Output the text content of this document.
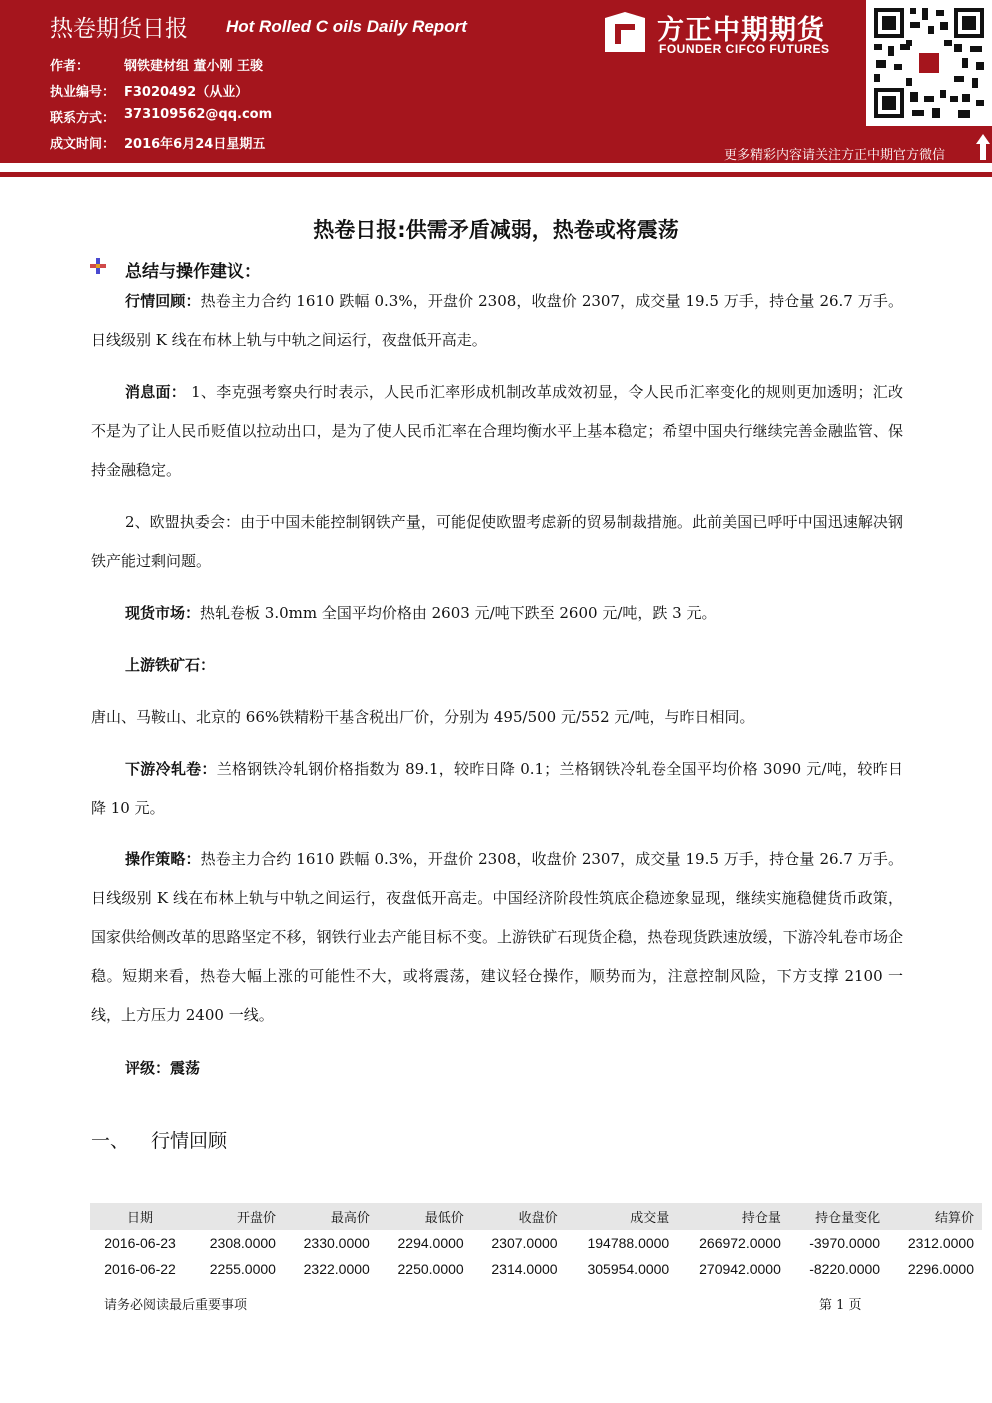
热卷期货日报 Hot Rolled C oils Daily Report
作者：	钢铁建材组 董小刚 王骏
执业编号： F3020492（从业）
联系方式： 373109562@qq.com
成文时间： 2016年6月24日星期五
方正中期期货
FOUNDER CIFCO FUTURES
更多精彩内容请关注方正中期官方微信
热卷日报:供需矛盾减弱，热卷或将震荡
总结与操作建议：
行情回顾：热卷主力合约 1610 跌幅 0.3%，开盘价 2308，收盘价 2307，成交量 19.5 万手，持仓量 26.7 万手。日线级别 K 线在布林上轨与中轨之间运行，夜盘低开高走。
消息面： 1、李克强考察央行时表示，人民币汇率形成机制改革成效初显，令人民币汇率变化的规则更加透明；汇改不是为了让人民币贬值以拉动出口，是为了使人民币汇率在合理均衡水平上基本稳定；希望中国央行继续完善金融监管、保持金融稳定。
2、欧盟执委会：由于中国未能控制钢铁产量，可能促使欧盟考虑新的贸易制裁措施。此前美国已呼吁中国迅速解决钢铁产能过剩问题。
现货市场：热轧卷板 3.0mm 全国平均价格由 2603 元/吨下跌至 2600 元/吨，跌 3 元。
上游铁矿石：
唐山、马鞍山、北京的 66%铁精粉干基含税出厂价，分别为 495/500 元/552 元/吨，与昨日相同。
下游冷轧卷：兰格钢铁冷轧钢价格指数为 89.1，较昨日降 0.1；兰格钢铁冷轧卷全国平均价格 3090 元/吨，较昨日降 10 元。
操作策略：热卷主力合约 1610 跌幅 0.3%，开盘价 2308，收盘价 2307，成交量 19.5 万手，持仓量 26.7 万手。日线级别 K 线在布林上轨与中轨之间运行，夜盘低开高走。中国经济阶段性筑底企稳迹象显现，继续实施稳健货币政策，国家供给侧改革的思路坚定不移，钢铁行业去产能目标不变。上游铁矿石现货企稳，热卷现货跌速放缓，下游冷轧卷市场企稳。短期来看，热卷大幅上涨的可能性不大，或将震荡，建议轻仓操作，顺势而为，注意控制风险，下方支撑 2100 一线，上方压力 2400 一线。
评级：震荡
一、 行情回顾
日期	开盘价	最高价	最低价	收盘价	成交量	持仓量	持仓量变化	结算价
2016-06-23	2308.0000	2330.0000	2294.0000	2307.0000	194788.0000	266972.0000	-3970.0000	2312.0000
2016-06-22	2255.0000	2322.0000	2250.0000	2314.0000	305954.0000	270942.0000	-8220.0000	2296.0000
请务必阅读最后重要事项	第 1 页
